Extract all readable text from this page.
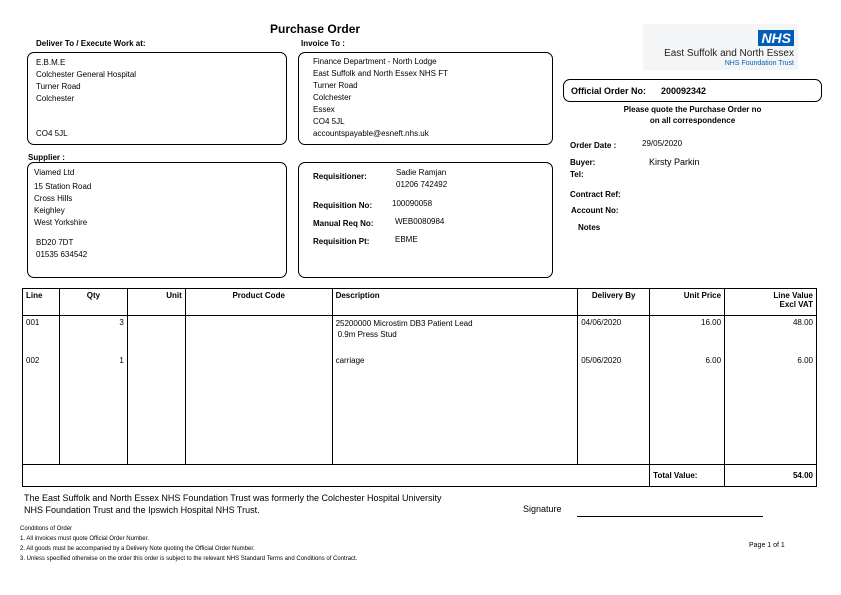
Purchase Order
NHS
East Suffolk and North Essex
NHS Foundation Trust
Deliver To / Execute Work at:	Invoice To :
E.B.M.E
Colchester General Hospital
Turner Road
Colchester
CO4 5JL
Finance Department - North Lodge
East Suffolk and North Essex NHS FT
Turner Road
Colchester
Essex
CO4 5JL
accountspayable@esneft.nhs.uk
Official Order No: 200092342
Please quote the Purchase Order no
on all correspondence
Order Date :	29/05/2020
Buyer:	Kirsty Parkin
Tel:
Contract Ref:
Account No:
Notes
Supplier :
Viamed Ltd
15 Station Road
Cross Hills
Keighley
West Yorkshire
BD20 7DT
01535 634542
Requisitioner:	Sadie Ramjan
01206 742492
Requisition No: 100090058
Manual Req No:	WEB0080984
Requisition Pt:	EBME
Line	Qty	Unit	Product Code	Description	Delivery By	Unit Price	Line Value
Excl VAT

001	3			25200000 Microstim DB3 Patient Lead
0.9m Press Stud	04/06/2020	16.00	48.00
002	1			carriage	05/06/2020	6.00	6.00
						Total Value:	54.00
The East Suffolk and North Essex NHS Foundation Trust was formerly the Colchester Hospital University
NHS Foundation Trust and the Ipswich Hospital NHS Trust.	Signature
Conditions of Order
1. All invoices must quote Official Order Number.
2. All goods must be accompanied by a Delivery Note quoting the Official Order Number.
3. Unless specified otherwise on the order this order is subject to the relevant NHS Standard Terms and Conditions of Contract.
Page 1 of 1
